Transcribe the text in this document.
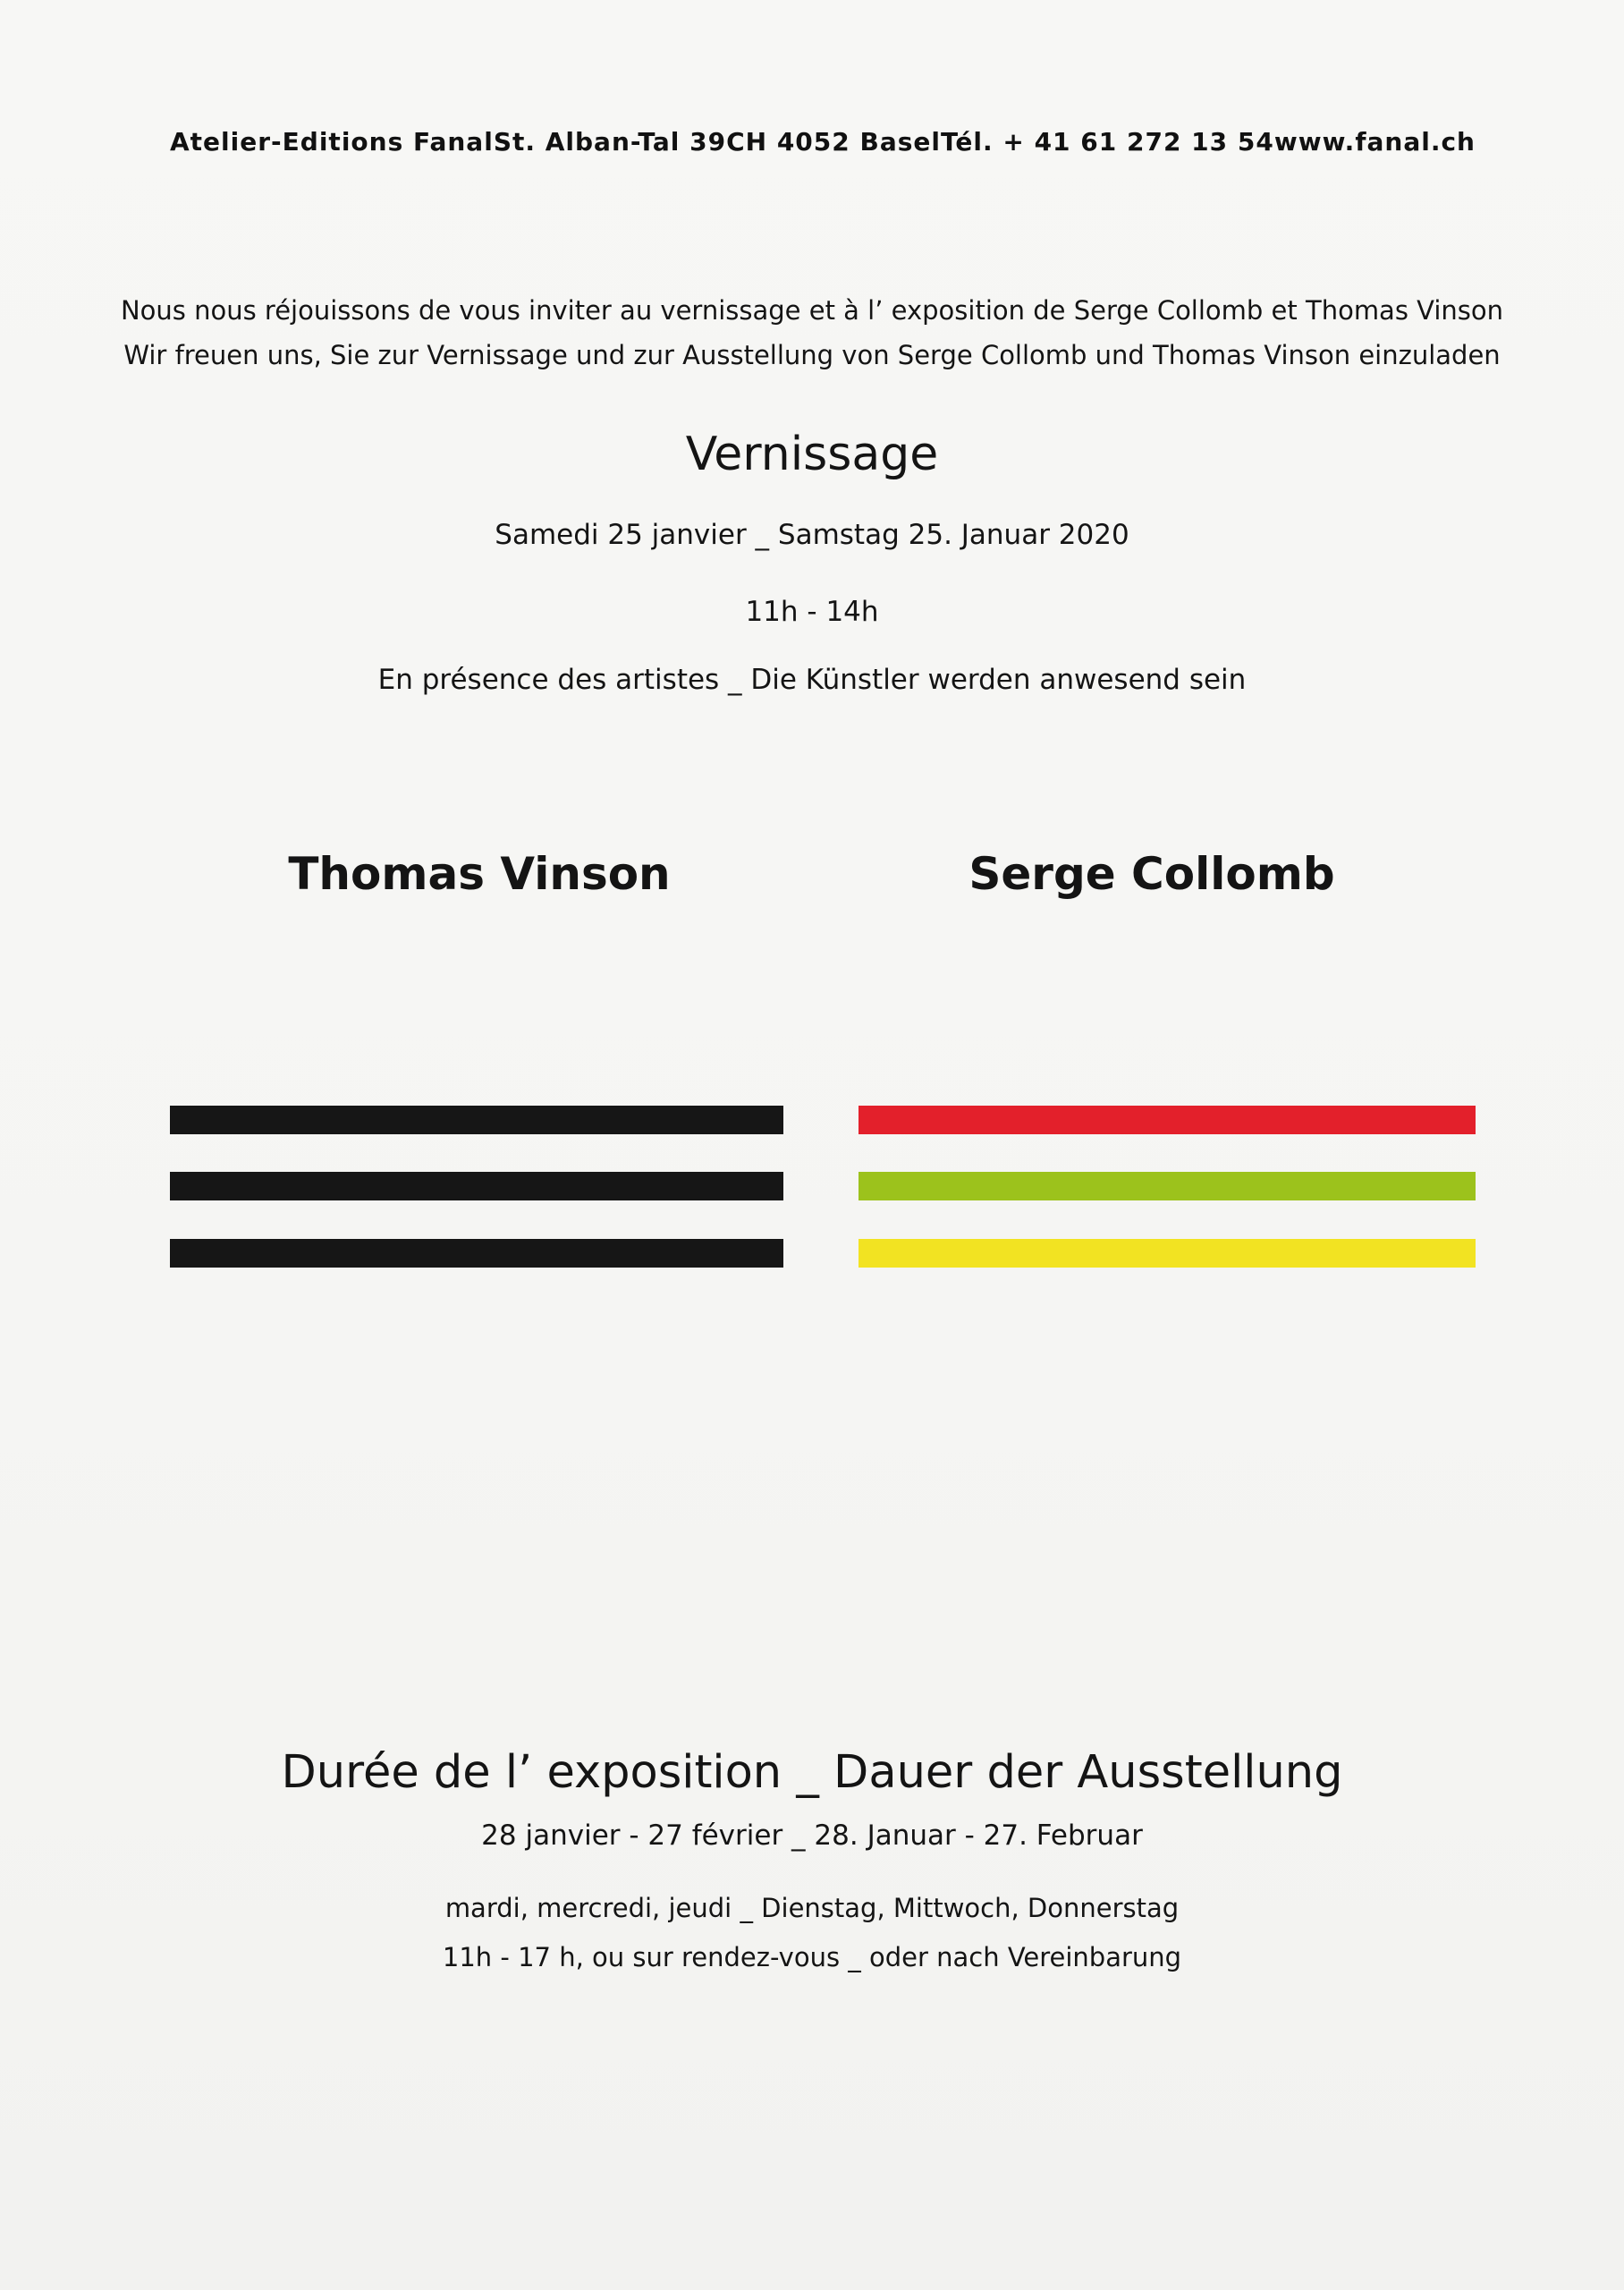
Atelier-Editions Fanal St. Alban-Tal 39 CH 4052 Basel Tél. + 41 61 272 13 54 www.fanal.ch
Nous nous réjouissons de vous inviter au vernissage et à l’ exposition de Serge Collomb et Thomas Vinson
Wir freuen uns, Sie zur Vernissage und zur Ausstellung von Serge Collomb und Thomas Vinson einzuladen
Vernissage
Samedi 25 janvier _ Samstag 25. Januar 2020
11h - 14h
En présence des artistes _ Die Künstler werden anwesend sein
Thomas Vinson	Serge Collomb
Durée de l’ exposition _ Dauer der Ausstellung
28 janvier - 27 février _ 28. Januar - 27. Februar
mardi, mercredi, jeudi _ Dienstag, Mittwoch, Donnerstag
11h - 17 h, ou sur rendez-vous _ oder nach Vereinbarung
